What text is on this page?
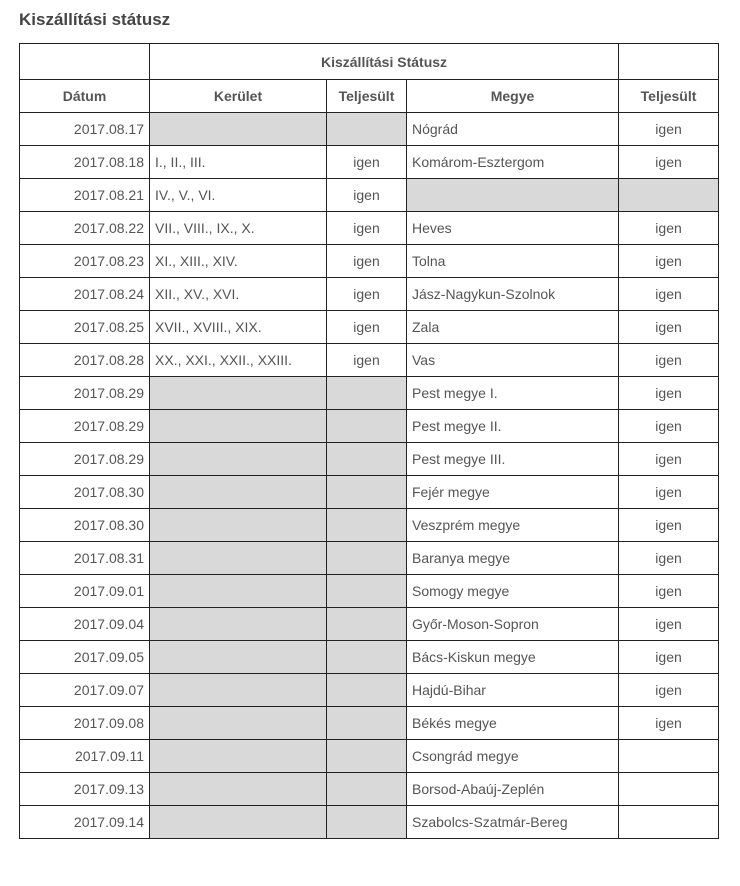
Kiszállítási státusz
	Kiszállítási Státusz			
Dátum	Kerület	Teljesült	Megye	Teljesült
2017.08.17			Nógrád	igen
2017.08.18	I., II., III.	igen	Komárom-Esztergom	igen
2017.08.21	IV., V., VI.	igen		
2017.08.22	VII., VIII., IX., X.	igen	Heves	igen
2017.08.23	XI., XIII., XIV.	igen	Tolna	igen
2017.08.24	XII., XV., XVI.	igen	Jász-Nagykun-Szolnok	igen
2017.08.25	XVII., XVIII., XIX.	igen	Zala	igen
2017.08.28	XX., XXI., XXII., XXIII.	igen	Vas	igen
2017.08.29			Pest megye I.	igen
2017.08.29			Pest megye II.	igen
2017.08.29			Pest megye III.	igen
2017.08.30			Fejér megye	igen
2017.08.30			Veszprém megye	igen
2017.08.31			Baranya megye	igen
2017.09.01			Somogy megye	igen
2017.09.04			Győr-Moson-Sopron	igen
2017.09.05			Bács-Kiskun megye	igen
2017.09.07			Hajdú-Bihar	igen
2017.09.08			Békés megye	igen
2017.09.11			Csongrád megye	
2017.09.13			Borsod-Abaúj-Zeplén	
2017.09.14			Szabolcs-Szatmár-Bereg	
